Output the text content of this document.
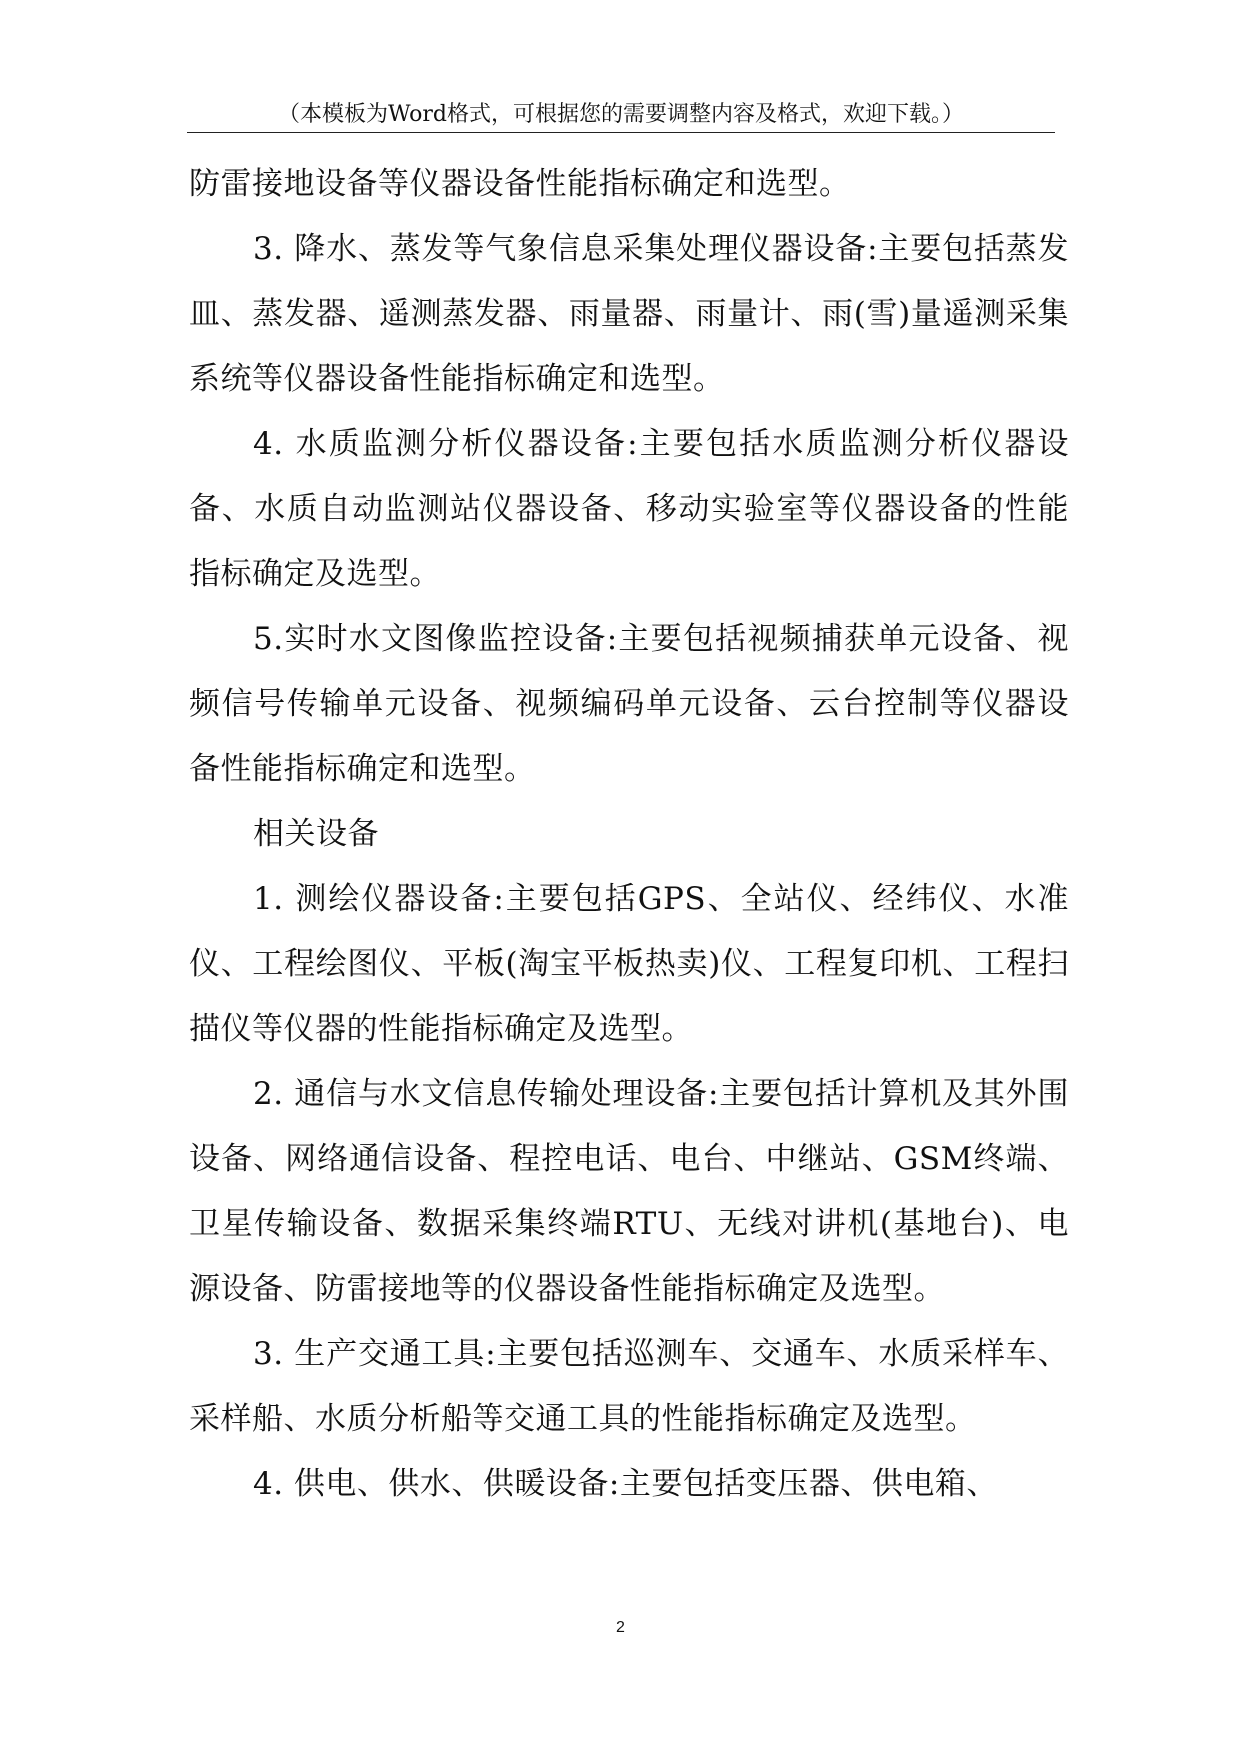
（本模板为Word格式，可根据您的需要调整内容及格式，欢迎下载。）

防雷接地设备等仪器设备性能指标确定和选型。

3. 降水、蒸发等气象信息采集处理仪器设备:主要包括蒸发皿、蒸发器、遥测蒸发器、雨量器、雨量计、雨(雪)量遥测采集系统等仪器设备性能指标确定和选型。

4. 水质监测分析仪器设备:主要包括水质监测分析仪器设备、水质自动监测站仪器设备、移动实验室等仪器设备的性能指标确定及选型。

5.实时水文图像监控设备:主要包括视频捕获单元设备、视频信号传输单元设备、视频编码单元设备、云台控制等仪器设备性能指标确定和选型。

相关设备

1. 测绘仪器设备:主要包括GPS、全站仪、经纬仪、水准仪、工程绘图仪、平板(淘宝平板热卖)仪、工程复印机、工程扫描仪等仪器的性能指标确定及选型。

2. 通信与水文信息传输处理设备:主要包括计算机及其外围设备、网络通信设备、程控电话、电台、中继站、GSM终端、卫星传输设备、数据采集终端RTU、无线对讲机(基地台)、电源设备、防雷接地等的仪器设备性能指标确定及选型。

3. 生产交通工具:主要包括巡测车、交通车、水质采样车、采样船、水质分析船等交通工具的性能指标确定及选型。

4. 供电、供水、供暖设备:主要包括变压器、供电箱、

2
